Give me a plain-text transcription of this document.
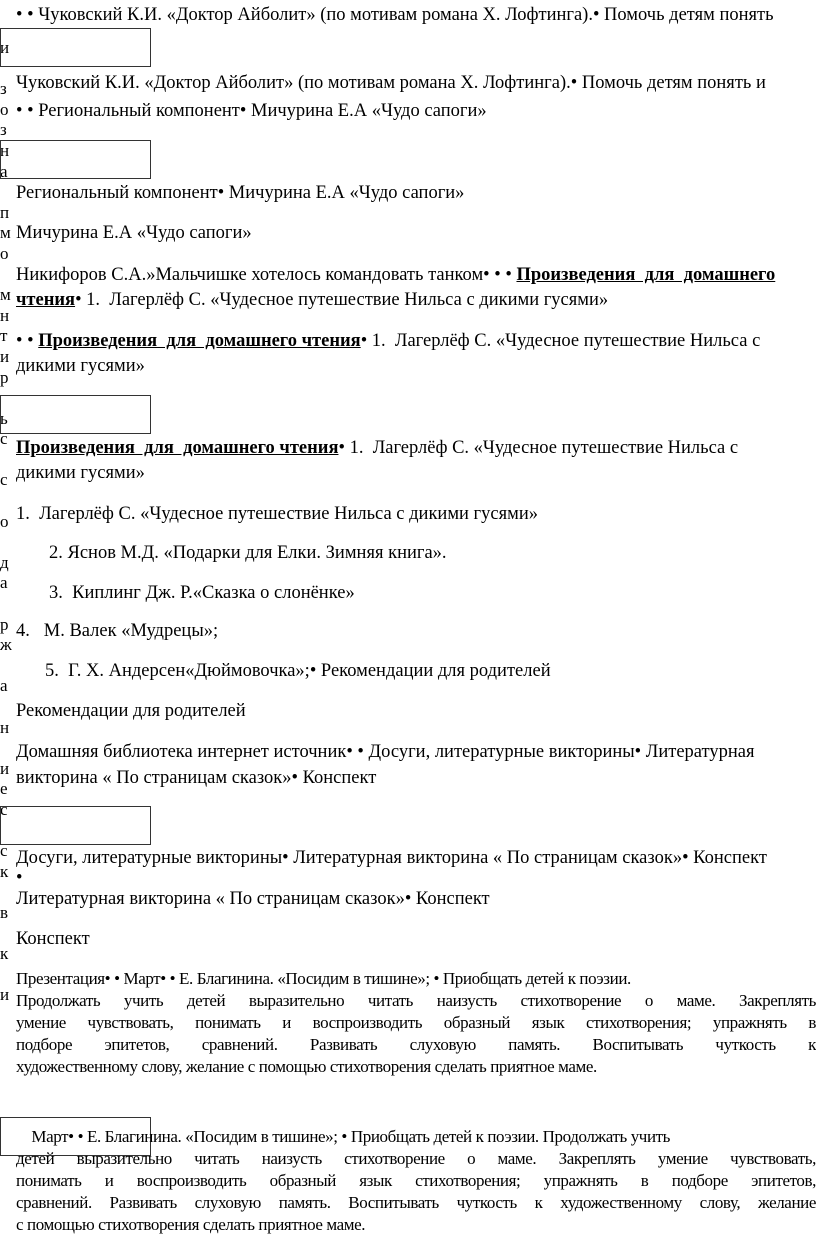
и
з
о
з
н
а
п
м
о
м
н
т
и
р
ь
с
с
о
д
а
р
ж
а
н
и
е
с
с
к
в
к
и
• • Чуковский К.И. «Доктор Айболит» (по мотивам романа Х. Лофтинга).• Помочь детям понять
Чуковский К.И. «Доктор Айболит» (по мотивам романа Х. Лофтинга).• Помочь детям понять и
• • Региональный компонент• Мичурина Е.А «Чудо сапоги»
Региональный компонент• Мичурина Е.А «Чудо сапоги»
Мичурина Е.А «Чудо сапоги»
Никифоров С.А.»Мальчишке хотелось командовать танком• • • Произведения  для  домашнего
чтения• 1.  Лагерлёф С. «Чудесное путешествие Нильса с дикими гусями»
• • Произведения  для  домашнего чтения• 1.  Лагерлёф С. «Чудесное путешествие Нильса с
дикими гусями»
Произведения  для  домашнего чтения• 1.  Лагерлёф С. «Чудесное путешествие Нильса с
дикими гусями»
1.  Лагерлёф С. «Чудесное путешествие Нильса с дикими гусями»
2. Яснов М.Д. «Подарки для Елки. Зимняя книга».
3.  Киплинг Дж. Р.«Сказка о слонёнке»
4.   М. Валек «Мудрецы»;
5.  Г. Х. Андерсен«Дюймовочка»;• Рекомендации для родителей
Рекомендации для родителей
Домашняя библиотека интернет источник• • Досуги, литературные викторины• Литературная
викторина « По страницам сказок»• Конспект
Досуги, литературные викторины• Литературная викторина « По страницам сказок»• Конспект
•
Литературная викторина « По страницам сказок»• Конспект
Конспект
Презентация• • Март• • Е. Благинина. «Посидим в тишине»; • Приобщать детей к поэзии.
Продолжать учить детей выразительно читать наизусть стихотворение о маме. Закреплять
умение чувствовать, понимать и воспроизводить образный язык стихотворения; упражнять в
подборе эпитетов, сравнений. Развивать слуховую память. Воспитывать чуткость к
художественному слову, желание с помощью стихотворения сделать приятное маме.
Март• • Е. Благинина. «Посидим в тишине»; • Приобщать детей к поэзии. Продолжать учить
детей выразительно читать наизусть стихотворение о маме. Закреплять умение чувствовать,
понимать и воспроизводить образный язык стихотворения; упражнять в подборе эпитетов,
сравнений. Развивать слуховую память. Воспитывать чуткость к художественному слову, желание
с помощью стихотворения сделать приятное маме.
